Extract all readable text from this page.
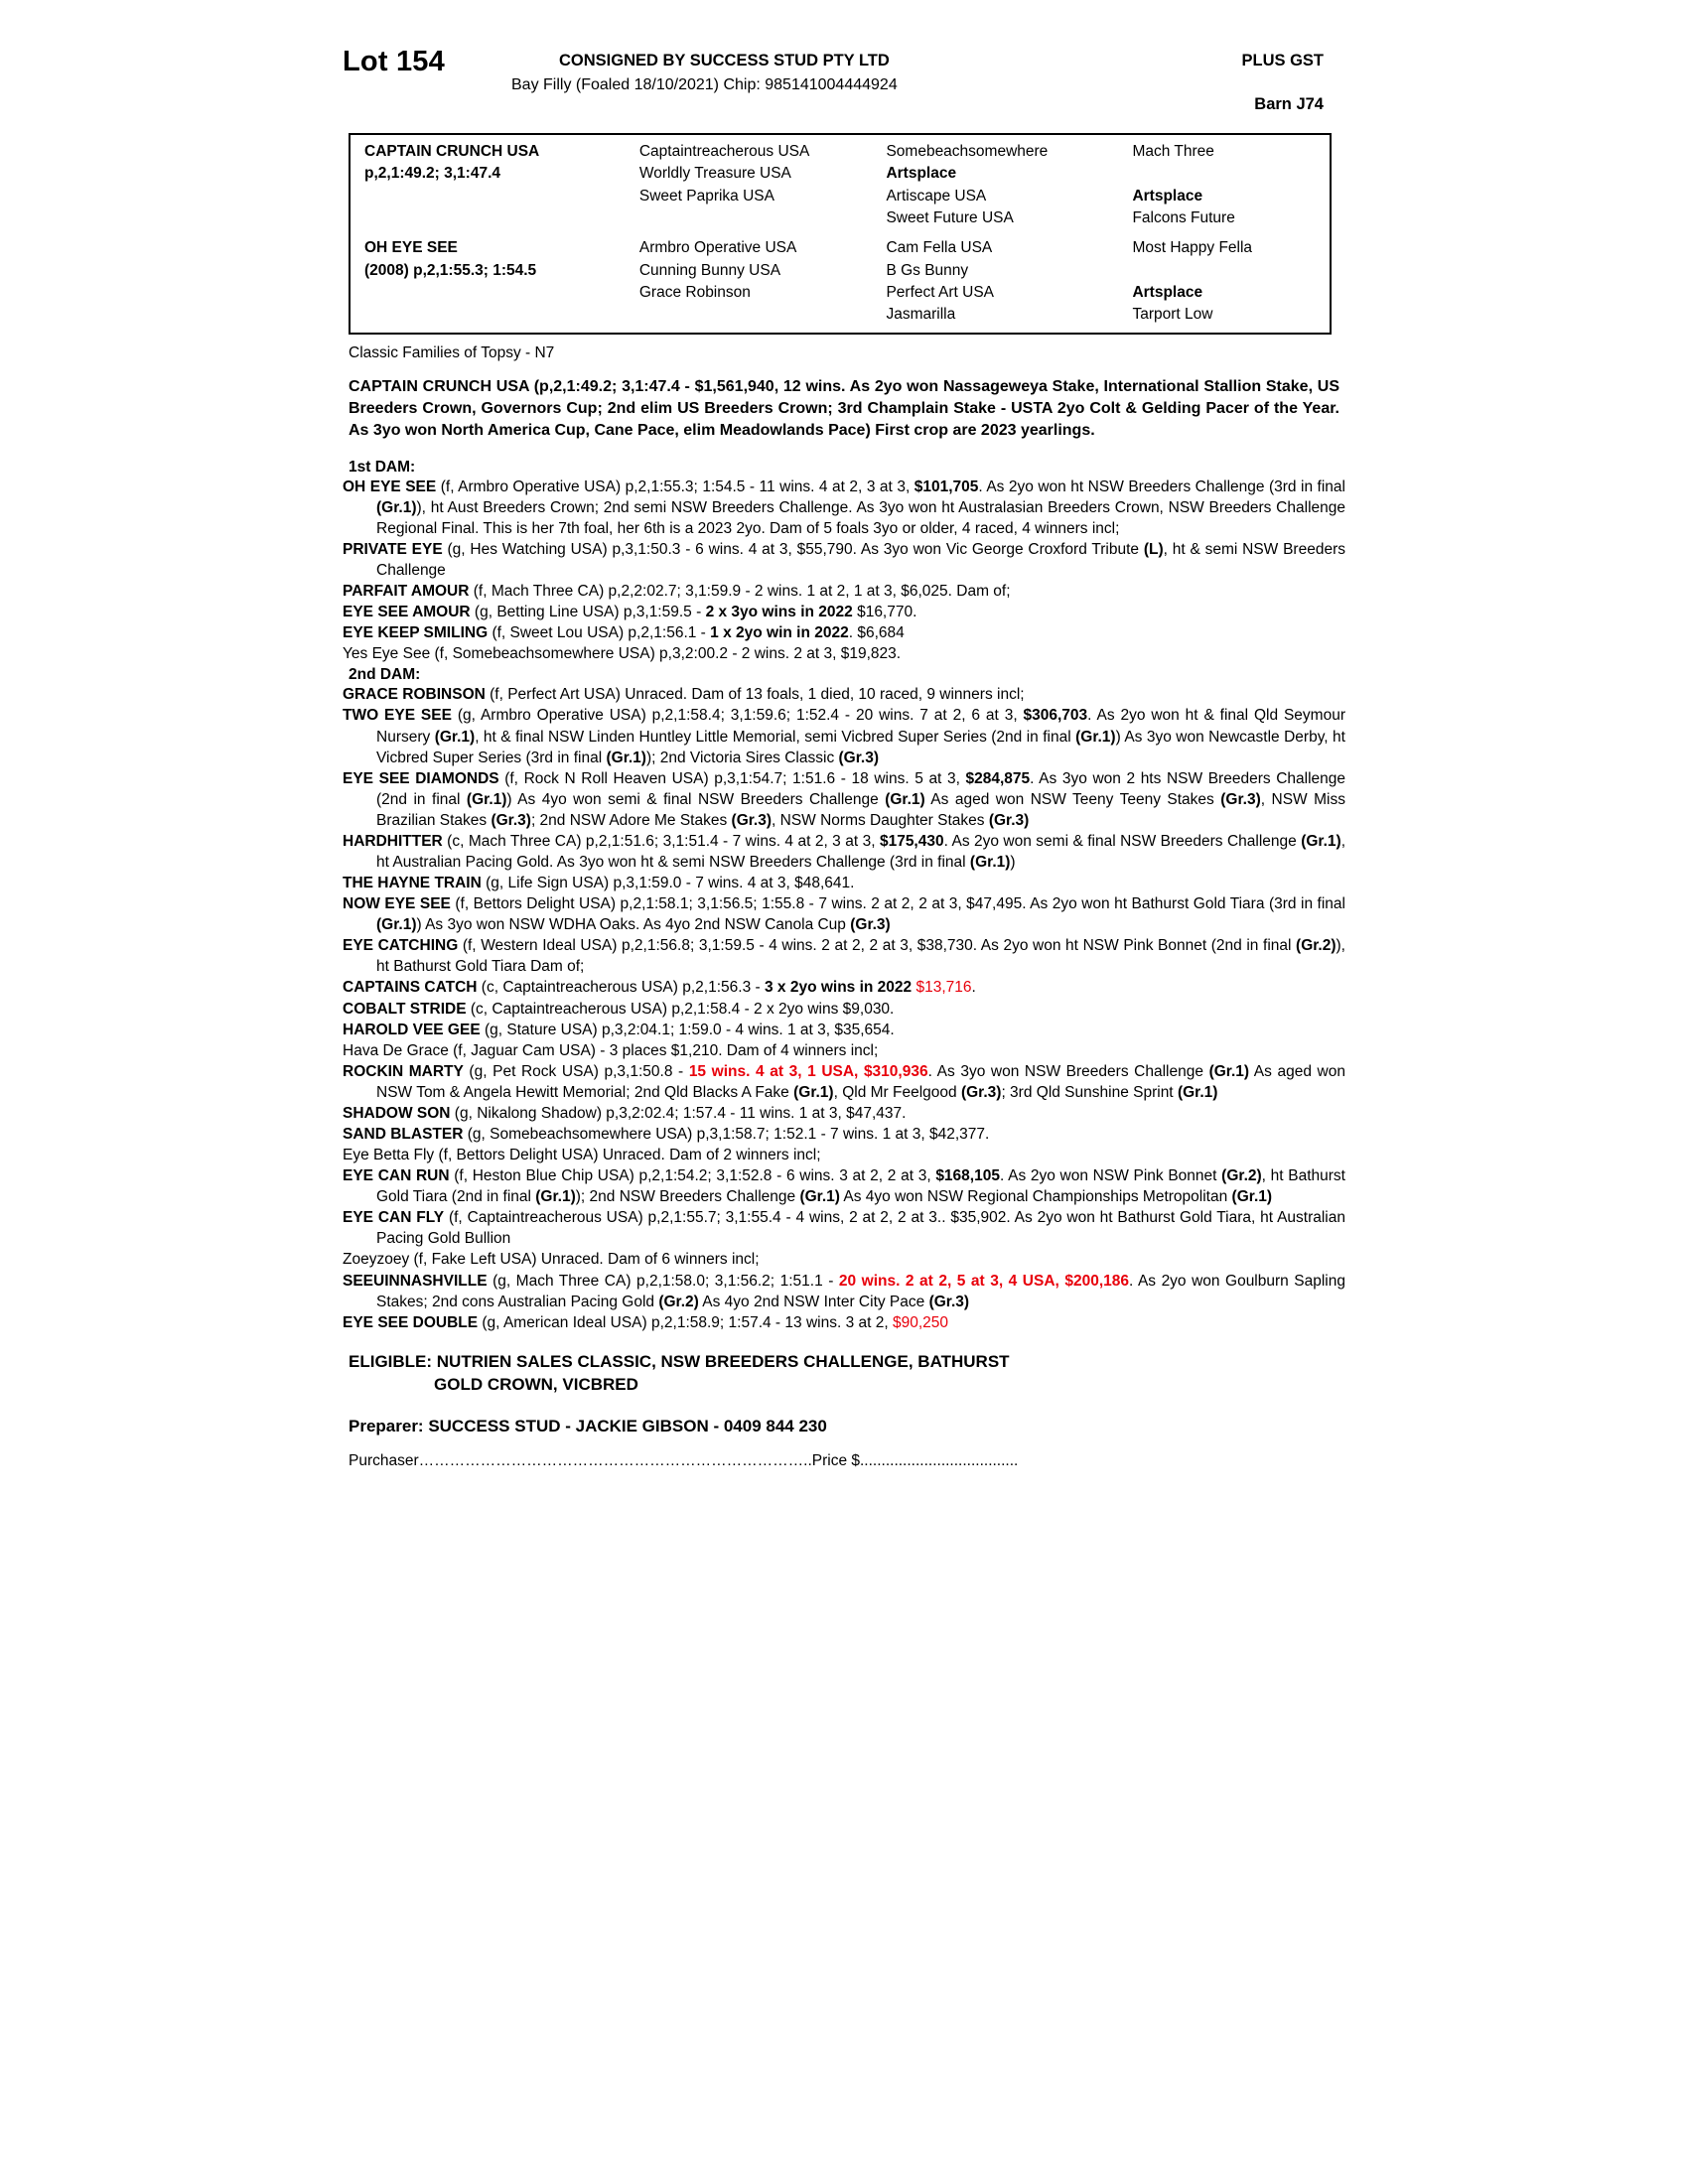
Lot 154	CONSIGNED BY SUCCESS STUD PTY LTD	PLUS GST
Bay Filly (Foaled 18/10/2021) Chip: 985141004444924
Barn J74
CAPTAIN CRUNCH USA
p,2,1:49.2; 3,1:47.4	Captaintreacherous USA	Somebeachsomewhere	Mach Three
	Worldly Treasure USA	Artsplace	
	Sweet Paprika USA	Artiscape USA	Artsplace
		Sweet Future USA	Falcons Future

OH EYE SEE
(2008) p,2,1:55.3; 1:54.5	Armbro Operative USA	Cam Fella USA	Most Happy Fella
	Cunning Bunny USA	B Gs Bunny	
	Grace Robinson	Perfect Art USA	Artsplace
		Jasmarilla	Tarport Low
Classic Families of Topsy - N7
CAPTAIN CRUNCH USA (p,2,1:49.2; 3,1:47.4 - $1,561,940, 12 wins. As 2yo won Nassageweya Stake, International Stallion Stake, US Breeders Crown, Governors Cup; 2nd elim US Breeders Crown; 3rd Champlain Stake - USTA 2yo Colt & Gelding Pacer of the Year. As 3yo won North America Cup, Cane Pace, elim Meadowlands Pace) First crop are 2023 yearlings.
1st DAM:

OH EYE SEE (f, Armbro Operative USA) p,2,1:55.3; 1:54.5 - 11 wins. 4 at 2, 3 at 3, $101,705. As 2yo won ht NSW Breeders Challenge (3rd in final (Gr.1)), ht Aust Breeders Crown; 2nd semi NSW Breeders Challenge. As 3yo won ht Australasian Breeders Crown, NSW Breeders Challenge Regional Final. This is her 7th foal, her 6th is a 2023 2yo. Dam of 5 foals 3yo or older, 4 raced, 4 winners incl;

PRIVATE EYE (g, Hes Watching USA) p,3,1:50.3 - 6 wins. 4 at 3, $55,790. As 3yo won Vic George Croxford Tribute (L), ht & semi NSW Breeders Challenge

PARFAIT AMOUR (f, Mach Three CA) p,2,2:02.7; 3,1:59.9 - 2 wins. 1 at 2, 1 at 3, $6,025. Dam of;

EYE SEE AMOUR (g, Betting Line USA) p,3,1:59.5 - 2 x 3yo wins in 2022 $16,770.

EYE KEEP SMILING (f, Sweet Lou USA) p,2,1:56.1 - 1 x 2yo win in 2022. $6,684

Yes Eye See (f, Somebeachsomewhere USA) p,3,2:00.2 - 2 wins. 2 at 3, $19,823.

2nd DAM:

GRACE ROBINSON (f, Perfect Art USA) Unraced. Dam of 13 foals, 1 died, 10 raced, 9 winners incl;

TWO EYE SEE (g, Armbro Operative USA) p,2,1:58.4; 3,1:59.6; 1:52.4 - 20 wins. 7 at 2, 6 at 3, $306,703. As 2yo won ht & final Qld Seymour Nursery (Gr.1), ht & final NSW Linden Huntley Little Memorial, semi Vicbred Super Series (2nd in final (Gr.1)) As 3yo won Newcastle Derby, ht Vicbred Super Series (3rd in final (Gr.1)); 2nd Victoria Sires Classic (Gr.3)

EYE SEE DIAMONDS (f, Rock N Roll Heaven USA) p,3,1:54.7; 1:51.6 - 18 wins. 5 at 3, $284,875. As 3yo won 2 hts NSW Breeders Challenge (2nd in final (Gr.1)) As 4yo won semi & final NSW Breeders Challenge (Gr.1) As aged won NSW Teeny Teeny Stakes (Gr.3), NSW Miss Brazilian Stakes (Gr.3); 2nd NSW Adore Me Stakes (Gr.3), NSW Norms Daughter Stakes (Gr.3)

HARDHITTER (c, Mach Three CA) p,2,1:51.6; 3,1:51.4 - 7 wins. 4 at 2, 3 at 3, $175,430. As 2yo won semi & final NSW Breeders Challenge (Gr.1), ht Australian Pacing Gold. As 3yo won ht & semi NSW Breeders Challenge (3rd in final (Gr.1))

THE HAYNE TRAIN (g, Life Sign USA) p,3,1:59.0 - 7 wins. 4 at 3, $48,641.

NOW EYE SEE (f, Bettors Delight USA) p,2,1:58.1; 3,1:56.5; 1:55.8 - 7 wins. 2 at 2, 2 at 3, $47,495. As 2yo won ht Bathurst Gold Tiara (3rd in final (Gr.1)) As 3yo won NSW WDHA Oaks. As 4yo 2nd NSW Canola Cup (Gr.3)

EYE CATCHING (f, Western Ideal USA) p,2,1:56.8; 3,1:59.5 - 4 wins. 2 at 2, 2 at 3, $38,730. As 2yo won ht NSW Pink Bonnet (2nd in final (Gr.2)), ht Bathurst Gold Tiara Dam of;

CAPTAINS CATCH (c, Captaintreacherous USA) p,2,1:56.3 - 3 x 2yo wins in 2022 $13,716.

COBALT STRIDE (c, Captaintreacherous USA) p,2,1:58.4 - 2 x 2yo wins $9,030.

HAROLD VEE GEE (g, Stature USA) p,3,2:04.1; 1:59.0 - 4 wins. 1 at 3, $35,654.

Hava De Grace (f, Jaguar Cam USA) - 3 places $1,210. Dam of 4 winners incl;

ROCKIN MARTY (g, Pet Rock USA) p,3,1:50.8 - 15 wins. 4 at 3, 1 USA, $310,936. As 3yo won NSW Breeders Challenge (Gr.1) As aged won NSW Tom & Angela Hewitt Memorial; 2nd Qld Blacks A Fake (Gr.1), Qld Mr Feelgood (Gr.3); 3rd Qld Sunshine Sprint (Gr.1)

SHADOW SON (g, Nikalong Shadow) p,3,2:02.4; 1:57.4 - 11 wins. 1 at 3, $47,437.

SAND BLASTER (g, Somebeachsomewhere USA) p,3,1:58.7; 1:52.1 - 7 wins. 1 at 3, $42,377.

Eye Betta Fly (f, Bettors Delight USA) Unraced. Dam of 2 winners incl;

EYE CAN RUN (f, Heston Blue Chip USA) p,2,1:54.2; 3,1:52.8 - 6 wins. 3 at 2, 2 at 3, $168,105. As 2yo won NSW Pink Bonnet (Gr.2), ht Bathurst Gold Tiara (2nd in final (Gr.1)); 2nd NSW Breeders Challenge (Gr.1) As 4yo won NSW Regional Championships Metropolitan (Gr.1)

EYE CAN FLY (f, Captaintreacherous USA) p,2,1:55.7; 3,1:55.4 - 4 wins, 2 at 2, 2 at 3.. $35,902. As 2yo won ht Bathurst Gold Tiara, ht Australian Pacing Gold Bullion

Zoeyzoey (f, Fake Left USA) Unraced. Dam of 6 winners incl;

SEEUINNASHVILLE (g, Mach Three CA) p,2,1:58.0; 3,1:56.2; 1:51.1 - 20 wins. 2 at 2, 5 at 3, 4 USA, $200,186. As 2yo won Goulburn Sapling Stakes; 2nd cons Australian Pacing Gold (Gr.2) As 4yo 2nd NSW Inter City Pace (Gr.3)

EYE SEE DOUBLE (g, American Ideal USA) p,2,1:58.9; 1:57.4 - 13 wins. 3 at 2, $90,250

ELIGIBLE: NUTRIEN SALES CLASSIC, NSW BREEDERS CHALLENGE, BATHURST
GOLD CROWN, VICBRED
Preparer: SUCCESS STUD - JACKIE GIBSON - 0409 844 230
Purchaser…………………………………………………………………..Price $.....................................
